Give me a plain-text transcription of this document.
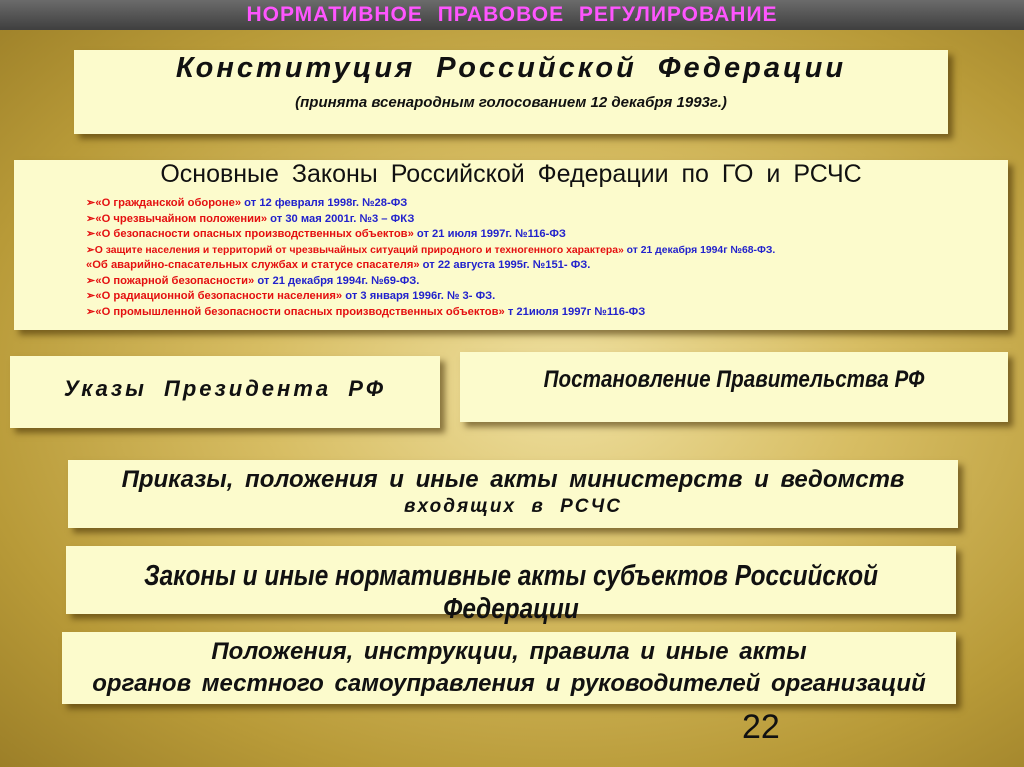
НОРМАТИВНОЕ ПРАВОВОЕ РЕГУЛИРОВАНИЕ
Конституция Российской Федерации
(принята всенародным голосованием 12 декабря 1993г.)
Основные Законы Российской Федерации по ГО и РСЧС
➢«О гражданской обороне» от 12 февраля 1998г. №28-ФЗ
➢«О чрезвычайном положении» от 30 мая 2001г. №3 – ФКЗ
➢«О безопасности опасных производственных объектов» от 21 июля 1997г. №116-ФЗ
➢О защите населения и территорий от чрезвычайных ситуаций природного и техногенного характера» от 21 декабря 1994г №68-ФЗ.
«Об аварийно-спасательных службах и статусе спасателя» от 22 августа 1995г. №151- ФЗ.
➢«О пожарной безопасности» от 21 декабря 1994г. №69-ФЗ.
➢«О радиационной безопасности населения» от 3 января 1996г. № 3- ФЗ.
➢«О промышленной безопасности опасных производственных объектов» т 21июля 1997г №116-ФЗ
Указы Президента РФ	Постановление Правительства РФ
Приказы, положения и иные акты министерств и ведомств
входящих в РСЧС
Законы и иные нормативные акты субъектов Российской Федерации
Положения, инструкции, правила и иные акты
органов местного самоуправления и руководителей организаций
22
